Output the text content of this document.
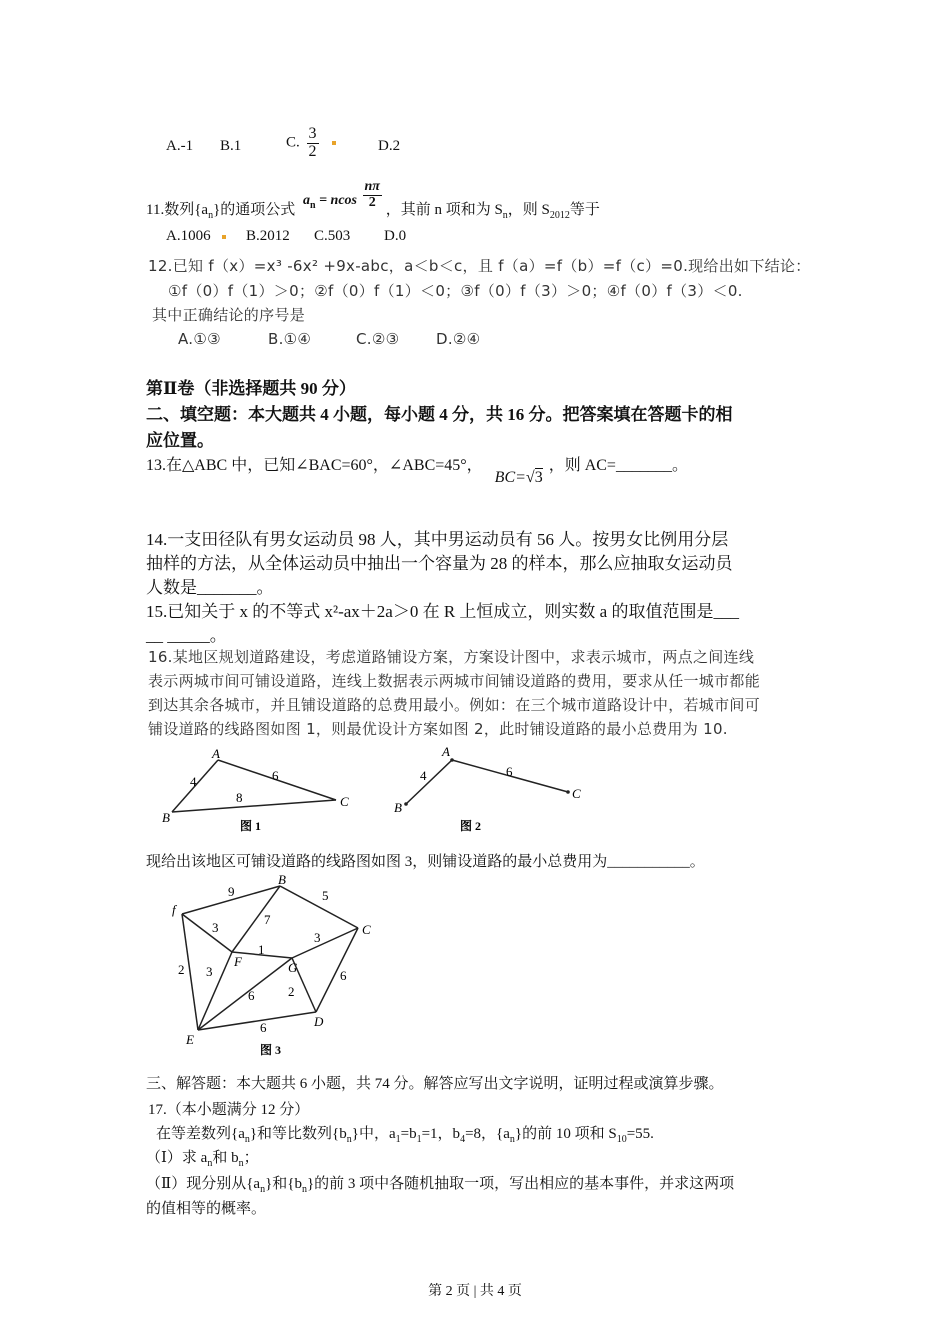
A.-1 B.1	C. $\frac{3}{2}$
	D.2
11.数列$\{a_n\}$的通项公式 $a_n = ncos \frac{n\pi}{2}$
，其前 n 项和为 $S_n$，则 $S_{2012}$等于
A.1006	B.2012 C.503 D.0
12.已知 f（x）=x³ -6x² +9x-abc，a＜b＜c，且 f（a）=f（b）=f（c）=0.现给出如下结论：
①f（0）f（1）＞0；②f（0）f（1）＜0；③f（0）f（3）＞0；④f（0）f（3）＜0.
其中正确结论的序号是
A.①③	B.①④	C.②③ D.②④
第Ⅱ卷（非选择题共 90 分）
二、填空题：本大题共 4 小题，每小题 4 分，共 16 分。把答案填在答题卡的相
应位置。
13.在△ABC 中，已知∠BAC=60°，∠ABC=45°， BC=√3 ，则 AC=_______。
14.一支田径队有男女运动员 98 人，其中男运动员有 56 人。按男女比例用分层
抽样的方法，从全体运动员中抽出一个容量为 28 的样本，那么应抽取女运动员
人数是_______。
15.已知关于 x 的不等式 x²-ax＋2a＞0 在 R 上恒成立，则实数 a 的取值范围是___
__ _____。
16.某地区规划道路建设，考虑道路铺设方案，方案设计图中，求表示城市，两点之间连线
表示两城市间可铺设道路，连线上数据表示两城市间铺设道路的费用，要求从任一城市都能
到达其余各城市，并且铺设道路的总费用最小。例如：在三个城市道路设计中，若城市间可
铺设道路的线路图如图 1，则最优设计方案如图 2，此时铺设道路的最小总费用为 10.
A
B
C
4	6
8
图 1
A
B
C
4	6
图 2
现给出该地区可铺设道路的线路图如图 3，则铺设道路的最小总费用为___________。
f
B
C
D
E
F	G
9	5
3
7
1
3
2 3	6
6	2
6
图 3
三、解答题：本大题共 6 小题，共 74 分。解答应写出文字说明，证明过程或演算步骤。
17.（本小题满分 12 分）
在等差数列$\{a_n\}$和等比数列$\{b_n\}$中，$a_1=b_1=1$，$b_4=8$，$\{a_n\}$的前 10 项和 $S_{10}=55$.
（Ⅰ）求 $a_n$和 $b_n$；
（Ⅱ）现分别从$\{a_n\}$和$\{b_n\}$的前 3 项中各随机抽取一项，写出相应的基本事件，并求这两项
的值相等的概率。
第 2 页 | 共 4 页
